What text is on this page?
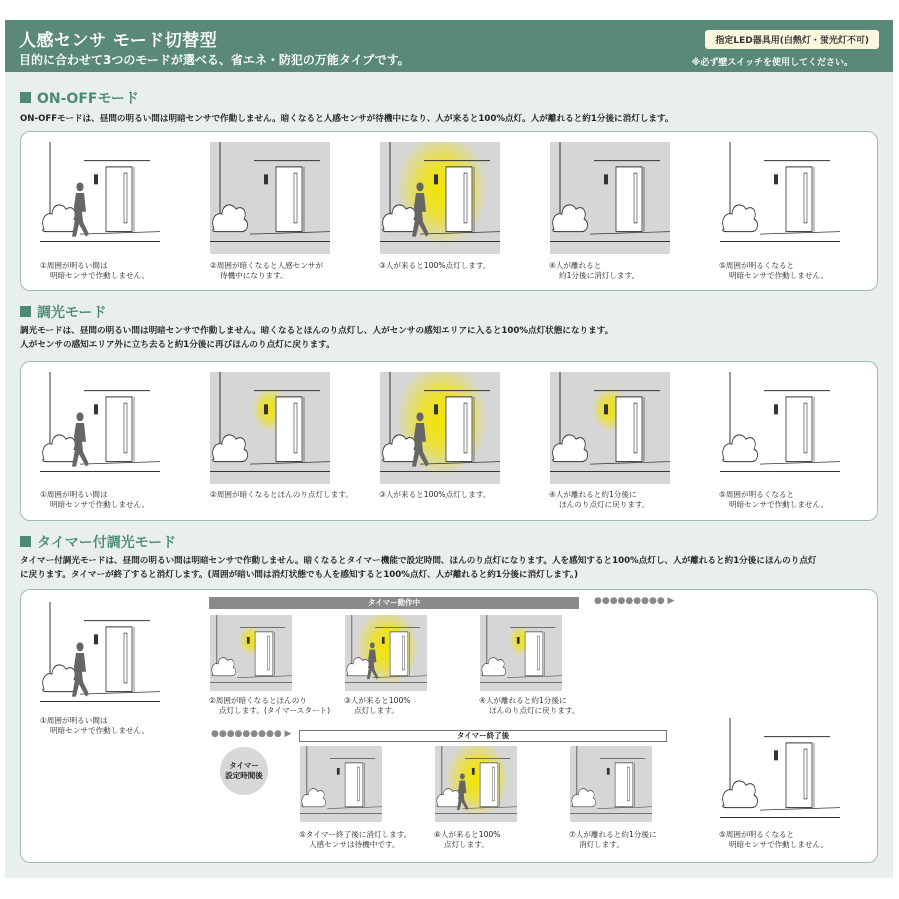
人感センサ モード切替型
目的に合わせて3つのモードが選べる、省エネ・防犯の万能タイプです。
指定LED器具用(白熱灯・蛍光灯不可)
※必ず壁スイッチを使用してください。
ON-OFFモード
ON-OFFモードは、昼間の明るい間は明暗センサで作動しません。暗くなると人感センサが待機中になり、人が来ると100%点灯。人が離れると約1分後に消灯します。
調光モード
調光モードは、昼間の明るい間は明暗センサで作動しません。暗くなるとほんのり点灯し、人がセンサの感知エリアに入ると100%点灯状態になります。
人がセンサの感知エリア外に立ち去ると約1分後に再びほんのり点灯に戻ります。
タイマー付調光モード
タイマー付調光モードは、昼間の明るい間は明暗センサで作動しません。暗くなるとタイマー機能で設定時間、ほんのり点灯になります。人を感知すると100%点灯し、人が離れると約1分後にほんのり点灯
に戻ります。タイマーが終了すると消灯します。(周囲が暗い間は消灯状態でも人を感知すると100%点灯、人が離れると約1分後に消灯します。)
タイマー動作中	●●●●●●●●● ▶
●●●●●●●●● ▶	タイマー終了後
タイマー
設定時間後
①周囲が明るい間は
明暗センサで作動しません。
②周囲が暗くなると人感センサが
待機中になります。
③人が来ると100%点灯します。	④人が離れると
約1分後に消灯します。
⑤周囲が明るくなると
明暗センサで作動しません。
①周囲が明るい間は
明暗センサで作動しません。
②周囲が暗くなるとほんのり点灯します。	③人が来ると100%点灯します。	④人が離れると約1分後に
ほんのり点灯に戻ります。
⑤周囲が明るくなると
明暗センサで作動しません。
①周囲が明るい間は
明暗センサで作動しません。
②周囲が暗くなるとほんのり
点灯します。(タイマースタート)
③人が来ると100%
点灯します。
④人が離れると約1分後に
ほんのり点灯に戻ります。
⑤タイマー終了後に消灯します。
人感センサは待機中です。
⑥人が来ると100%
点灯します。
⑦人が離れると約1分後に
消灯します。
⑤周囲が明るくなると
明暗センサで作動しません。
